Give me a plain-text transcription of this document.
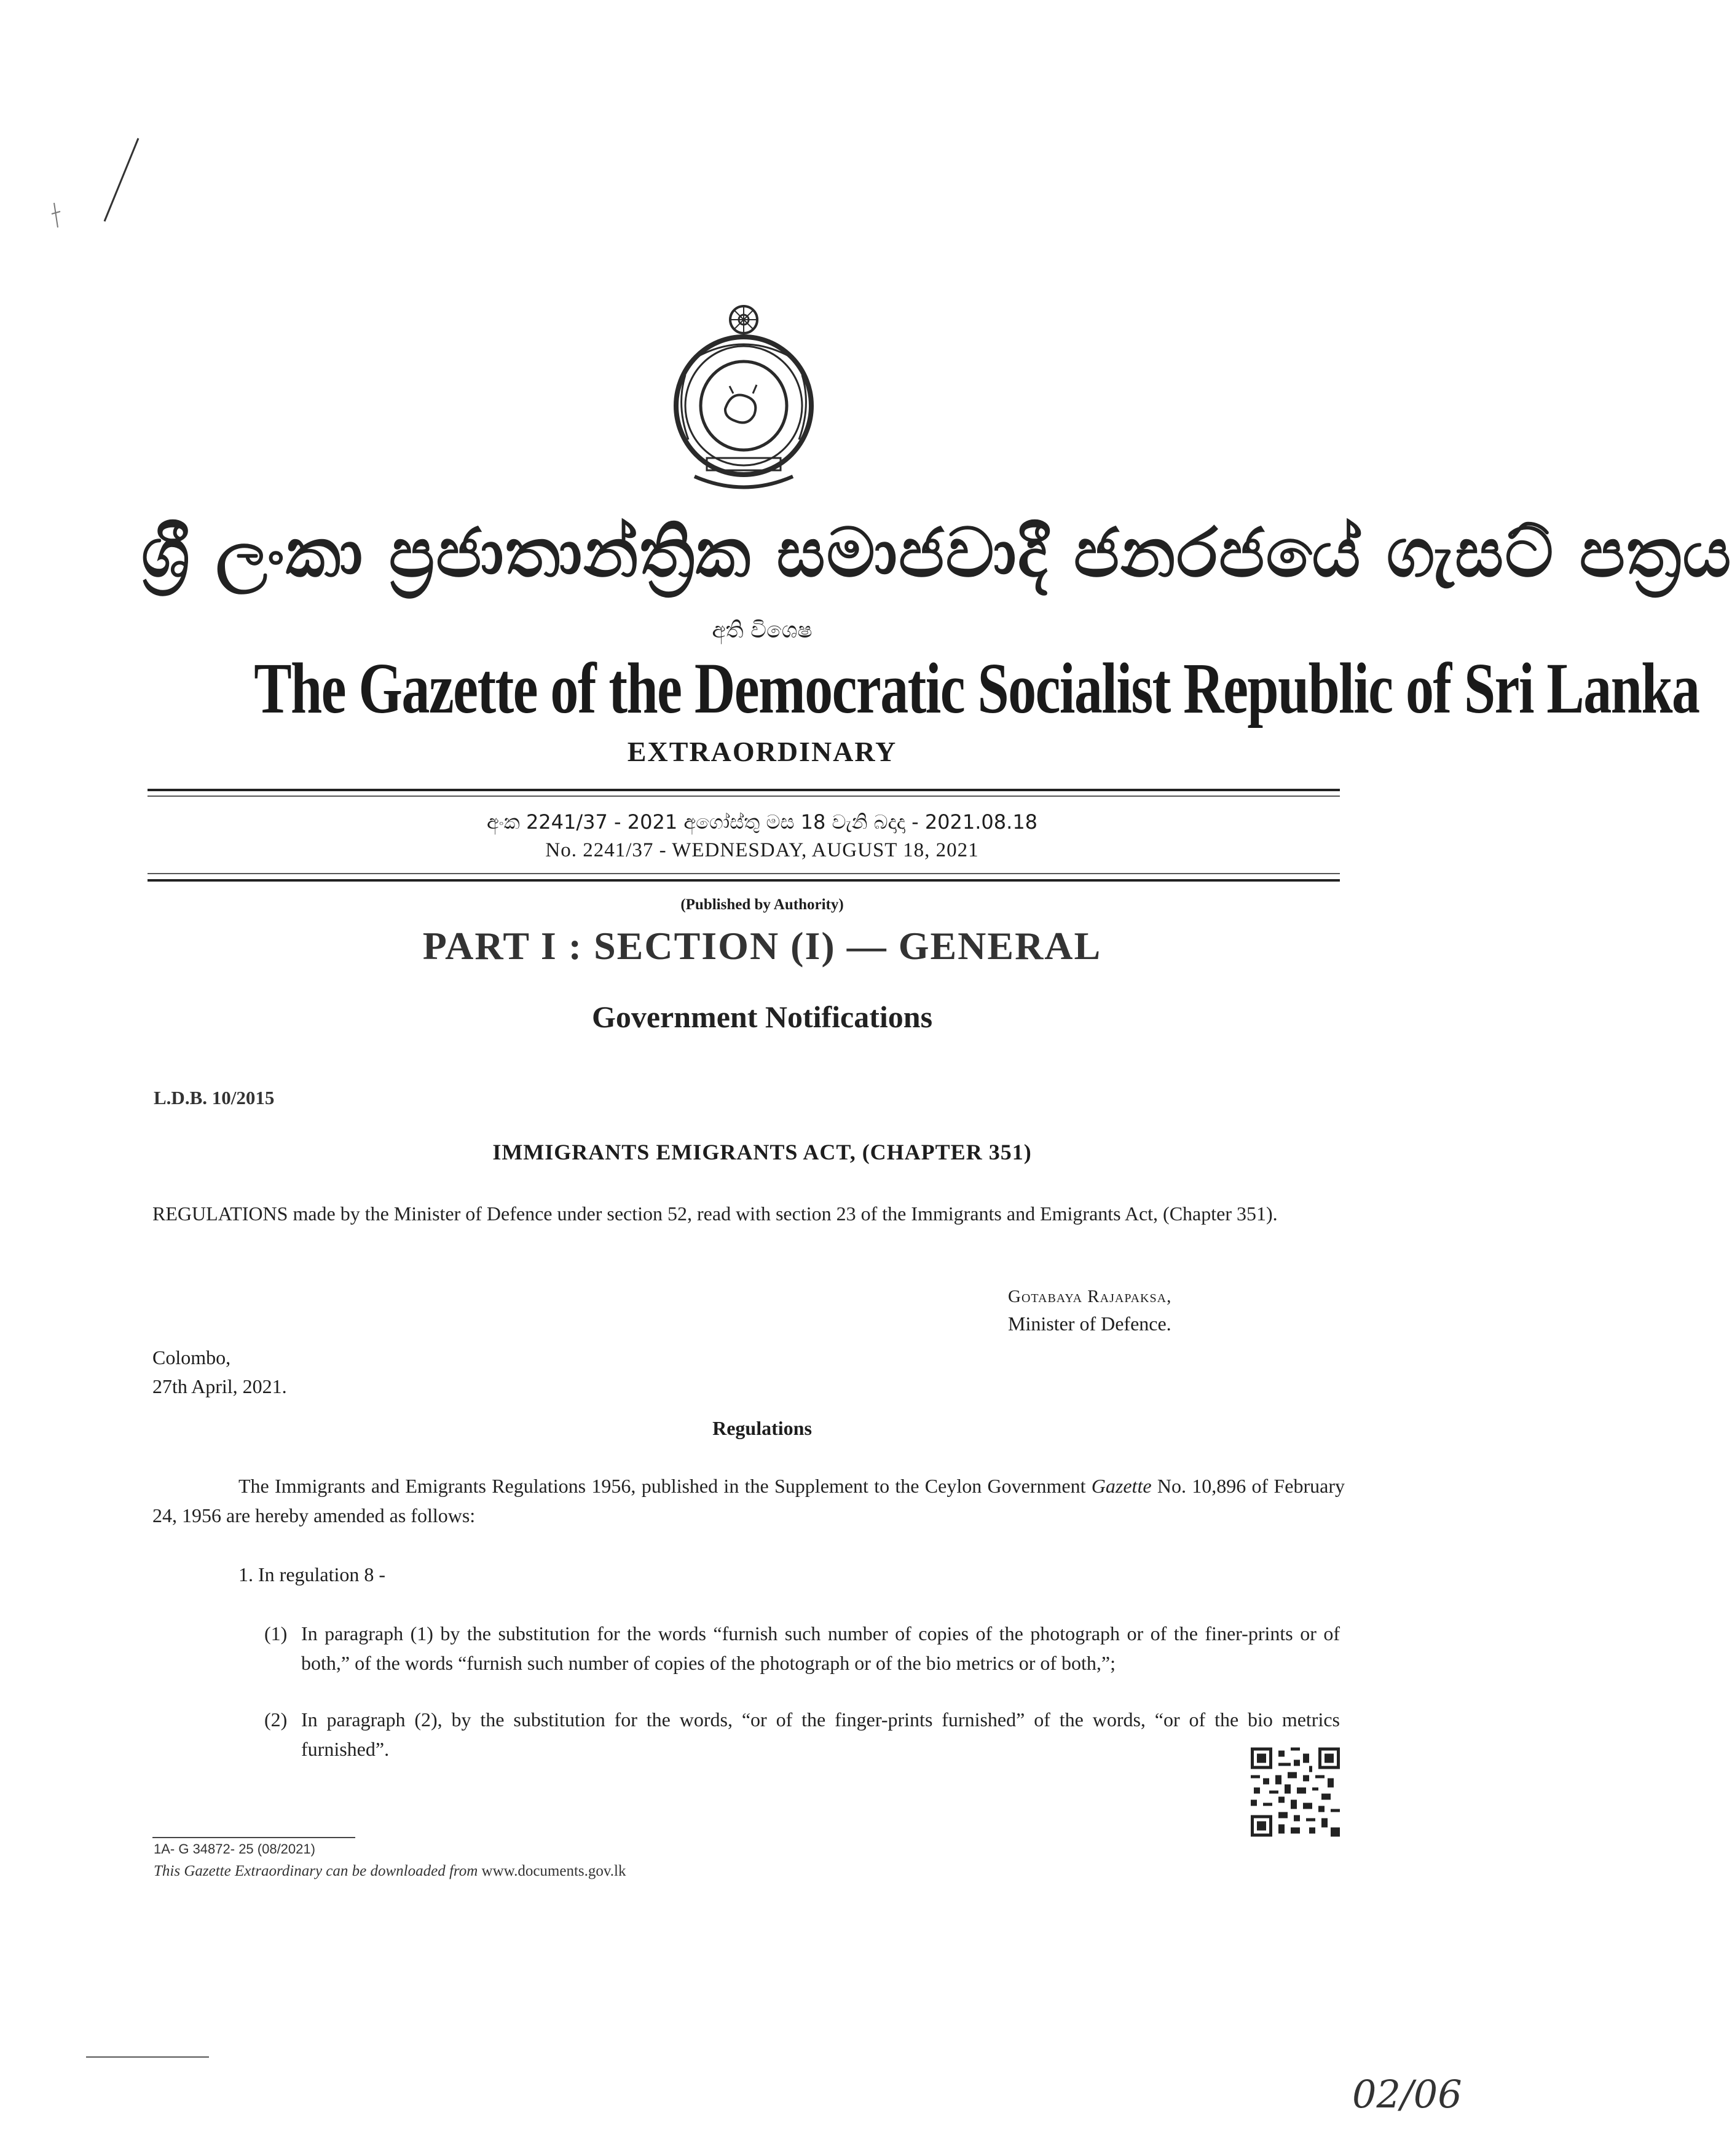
ශ්‍රී ලංකා ප්‍රජාතාන්ත්‍රික සමාජවාදී ජනරජයේ ගැසට් පත්‍රය
අති විශෙෂ
The Gazette of the Democratic Socialist Republic of Sri Lanka
EXTRAORDINARY
අංක 2241/37 - 2021 අගෝස්තු මස 18 වැනි බදාදා - 2021.08.18
No. 2241/37 - WEDNESDAY, AUGUST 18, 2021
(Published by Authority)
PART I : SECTION (I) — GENERAL
Government Notifications
L.D.B. 10/2015
IMMIGRANTS EMIGRANTS ACT, (CHAPTER 351)
REGULATIONS made by the Minister of Defence under section 52, read with section 23 of the Immigrants and Emigrants Act, (Chapter 351).
Gotabaya Rajapaksa,
Minister of Defence.
Colombo,
27th April, 2021.
Regulations
The Immigrants and Emigrants Regulations 1956, published in the Supplement to the Ceylon Government Gazette No. 10,896 of February 24, 1956 are hereby amended as follows:
1. In regulation 8 -
(1) In paragraph (1) by the substitution for the words “furnish such number of copies of the photograph or of the finer-prints or of both,” of the words “furnish such number of copies of the photograph or of the bio metrics or of both,”;
(2) In paragraph (2), by the substitution for the words, “or of the finger-prints furnished” of the words, “or of the bio metrics furnished”.
1A- G 34872- 25 (08/2021)
This Gazette Extraordinary can be downloaded from www.documents.gov.lk
02/06
